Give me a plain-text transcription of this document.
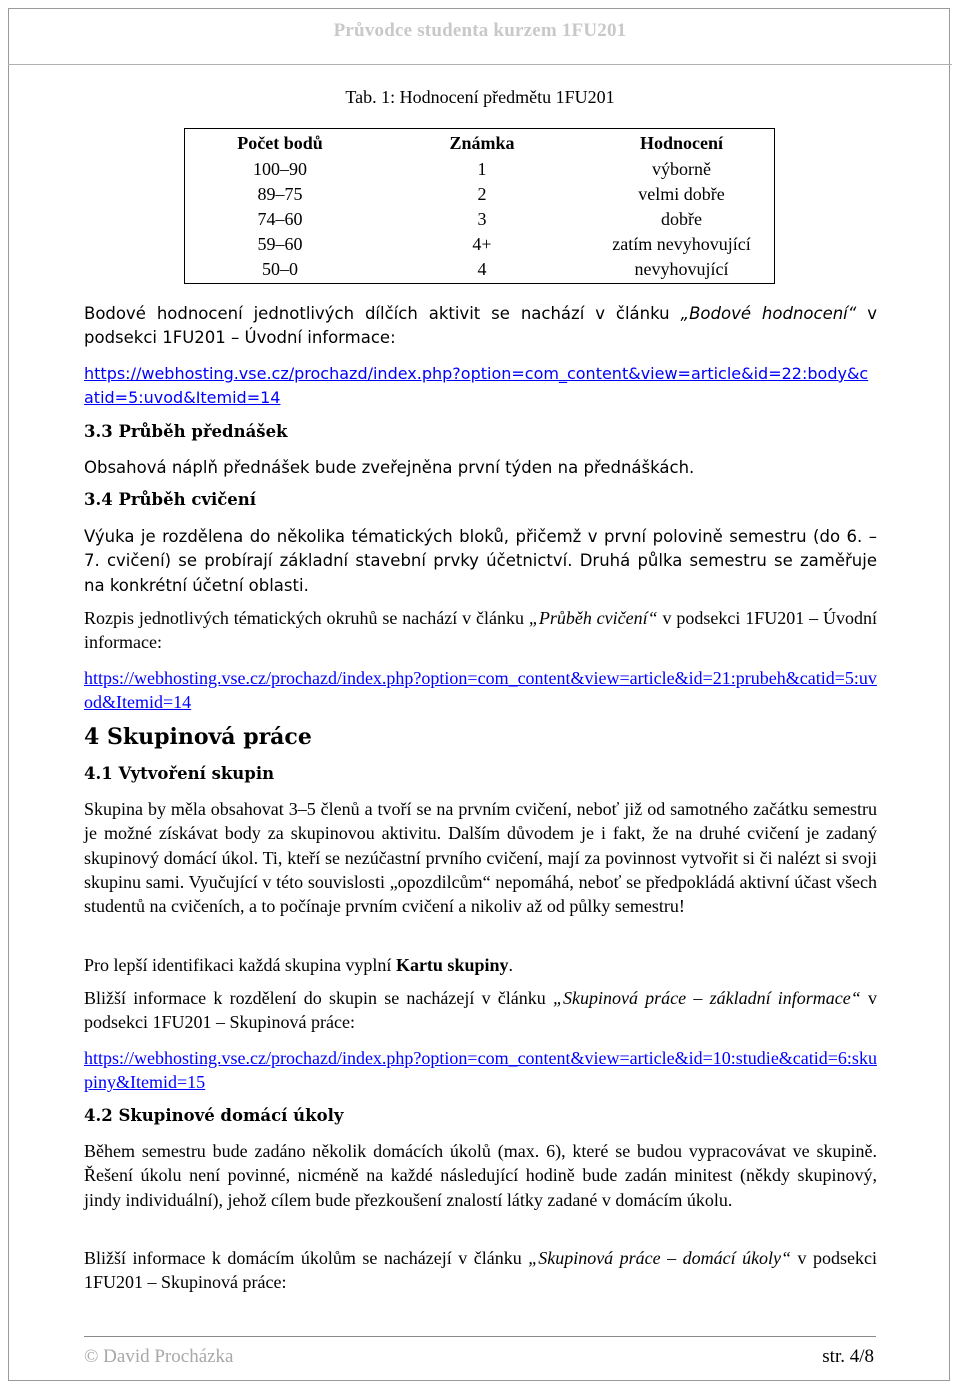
Průvodce studenta kurzem 1FU201
Tab. 1: Hodnocení předmětu 1FU201
Počet bodů	Známka	Hodnocení
100–90	1	výborně
89–75	2	velmi dobře
74–60	3	dobře
59–60	4+	zatím nevyhovující
50–0	4	nevyhovující

Bodové hodnocení jednotlivých dílčích aktivit se nachází v článku „Bodové hodnocení“ v podsekci 1FU201 – Úvodní informace:

https://webhosting.vse.cz/prochazd/index.php?option=com_content&view=article&id=22:body&catid=5:uvod&Itemid=14
3.3 Průběh přednášek

Obsahová náplň přednášek bude zveřejněna první týden na přednáškách.

3.4 Průběh cvičení

Výuka je rozdělena do několika tématických bloků, přičemž v první polovině semestru (do 6. – 7. cvičení) se probírají základní stavební prvky účetnictví. Druhá půlka semestru se zaměřuje na konkrétní účetní oblasti.

Rozpis jednotlivých tématických okruhů se nachází v článku „Průběh cvičení“ v podsekci 1FU201 – Úvodní informace:

https://webhosting.vse.cz/prochazd/index.php?option=com_content&view=article&id=21:prubeh&catid=5:uvod&Itemid=14
4 Skupinová práce
4.1 Vytvoření skupin

Skupina by měla obsahovat 3–5 členů a tvoří se na prvním cvičení, neboť již od samotného začátku semestru je možné získávat body za skupinovou aktivitu. Dalším důvodem je i fakt, že na druhé cvičení je zadaný skupinový domácí úkol. Ti, kteří se nezúčastní prvního cvičení, mají za povinnost vytvořit si či nalézt si svoji skupinu sami. Vyučující v této souvislosti „opozdilcům“ nepomáhá, neboť se předpokládá aktivní účast všech studentů na cvičeních, a to počínaje prvním cvičení a nikoliv až od půlky semestru!

Pro lepší identifikaci každá skupina vyplní Kartu skupiny.

Bližší informace k rozdělení do skupin se nacházejí v článku „Skupinová práce – základní informace“ v podsekci 1FU201 – Skupinová práce:

https://webhosting.vse.cz/prochazd/index.php?option=com_content&view=article&id=10:studie&catid=6:skupiny&Itemid=15
4.2 Skupinové domácí úkoly

Během semestru bude zadáno několik domácích úkolů (max. 6), které se budou vypracovávat ve skupině. Řešení úkolu není povinné, nicméně na každé následující hodině bude zadán minitest (někdy skupinový, jindy individuální), jehož cílem bude přezkoušení znalostí látky zadané v domácím úkolu.

Bližší informace k domácím úkolům se nacházejí v článku „Skupinová práce – domácí úkoly“ v podsekci 1FU201 – Skupinová práce:

© David Procházka	str. 4/8
